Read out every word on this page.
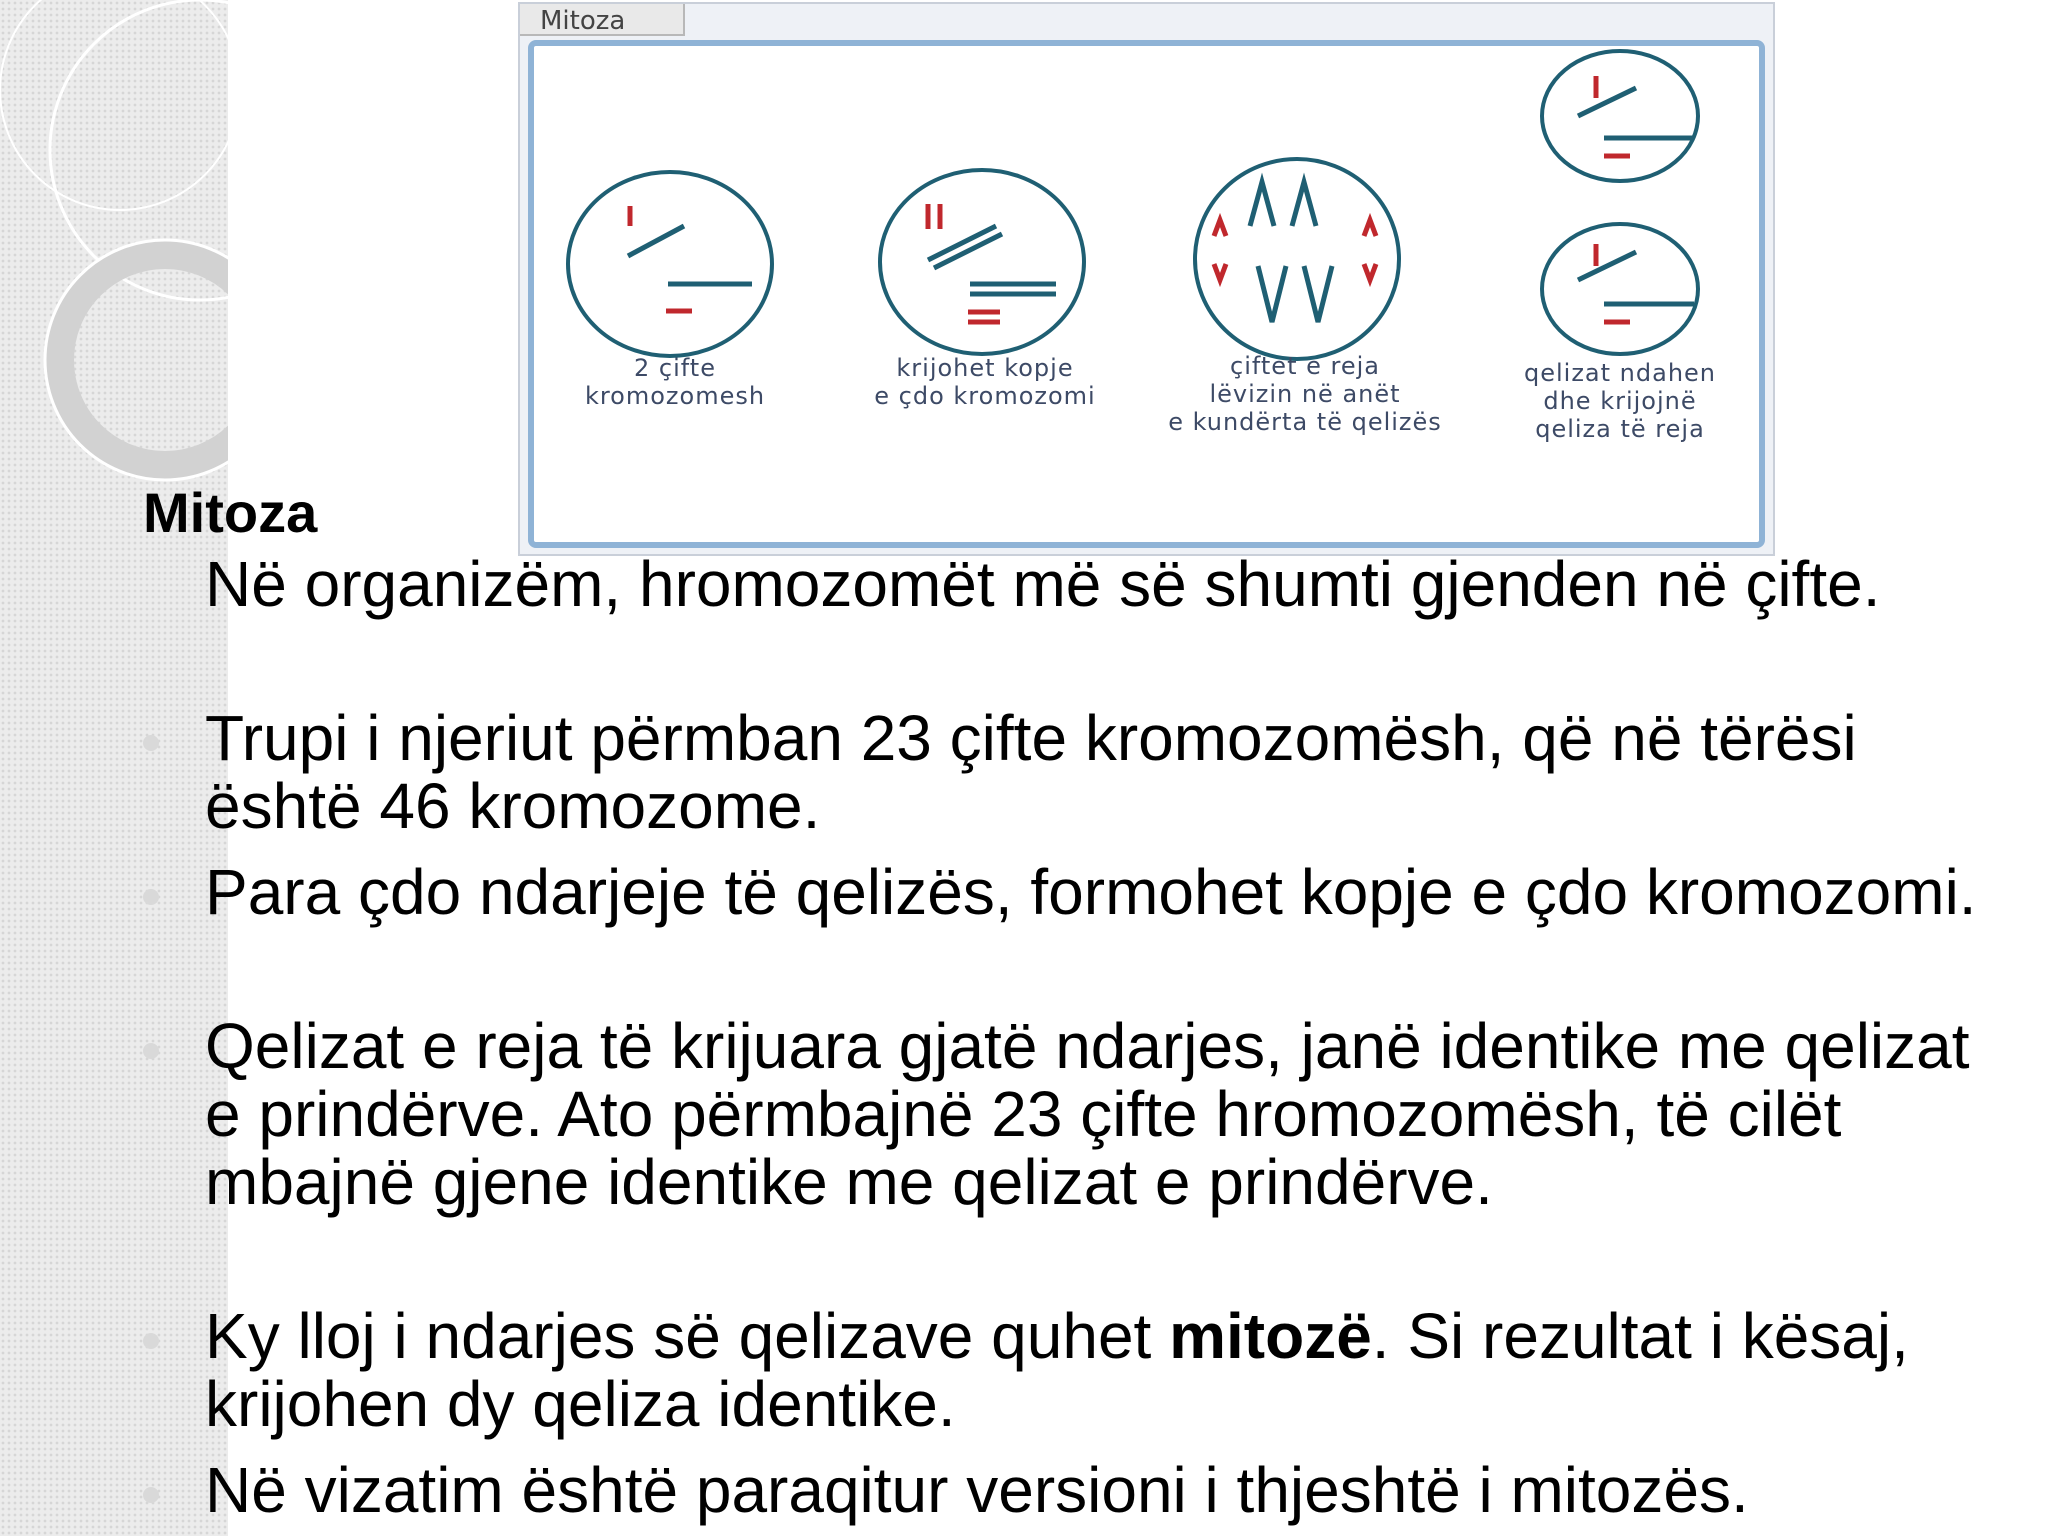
Mitoza
2 çifte
kromozomesh
krijohet kopje
e çdo kromozomi
çiftet e reja
lëvizin në anët
e kundërta të qelizës
qelizat ndahen
dhe krijojnë
qeliza të reja
Mitoza
Në organizëm, hromozomët më së shumti gjenden në çifte.
Trupi i njeriut përmban 23 çifte kromozomësh, që në tërësi është 46 kromozome.
Para çdo ndarjeje të qelizës, formohet kopje e çdo kromozomi.
Qelizat e reja të krijuara gjatë ndarjes, janë identike me qelizat e prindërve. Ato përmbajnë 23 çifte hromozomësh, të cilët mbajnë gjene identike me qelizat e prindërve.
Ky lloj i ndarjes së qelizave quhet mitozë. Si rezultat i kësaj, krijohen dy qeliza identike.
Në vizatim është paraqitur versioni i thjeshtë i mitozës.
